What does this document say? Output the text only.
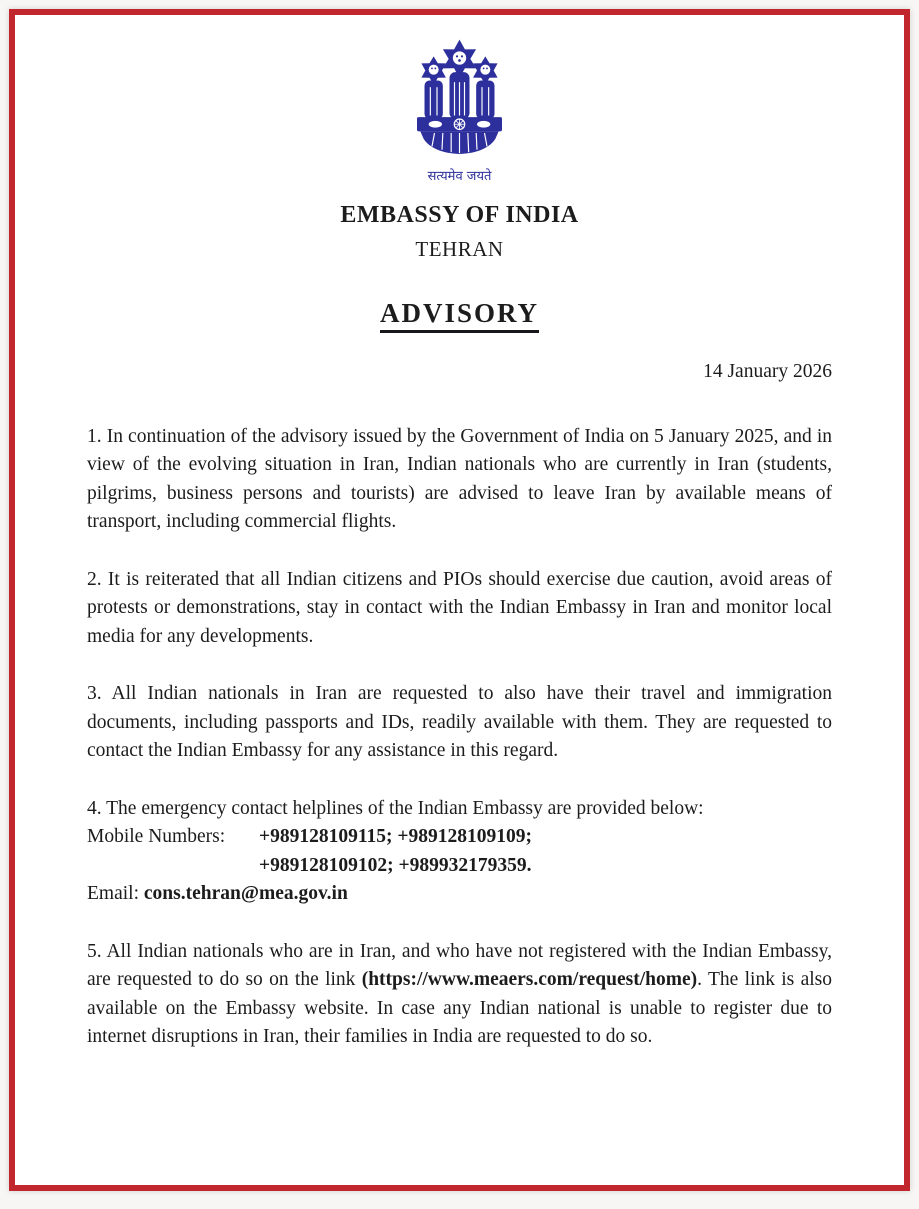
सत्यमेव जयते
EMBASSY OF INDIA
TEHRAN
ADVISORY
14 January 2026

1. In continuation of the advisory issued by the Government of India on 5 January 2025, and in view of the evolving situation in Iran, Indian nationals who are currently in Iran (students, pilgrims, business persons and tourists) are advised to leave Iran by available means of transport, including commercial flights.

2. It is reiterated that all Indian citizens and PIOs should exercise due caution, avoid areas of protests or demonstrations, stay in contact with the Indian Embassy in Iran and monitor local media for any developments.

3. All Indian nationals in Iran are requested to also have their travel and immigration documents, including passports and IDs, readily available with them. They are requested to contact the Indian Embassy for any assistance in this regard.

4. The emergency contact helplines of the Indian Embassy are provided below:
Mobile Numbers: +989128109115; +989128109109;
+989128109102; +989932179359.
Email: cons.tehran@mea.gov.in

5. All Indian nationals who are in Iran, and who have not registered with the Indian Embassy, are requested to do so on the link (https://www.meaers.com/request/home). The link is also available on the Embassy website. In case any Indian national is unable to register due to internet disruptions in Iran, their families in India are requested to do so.
